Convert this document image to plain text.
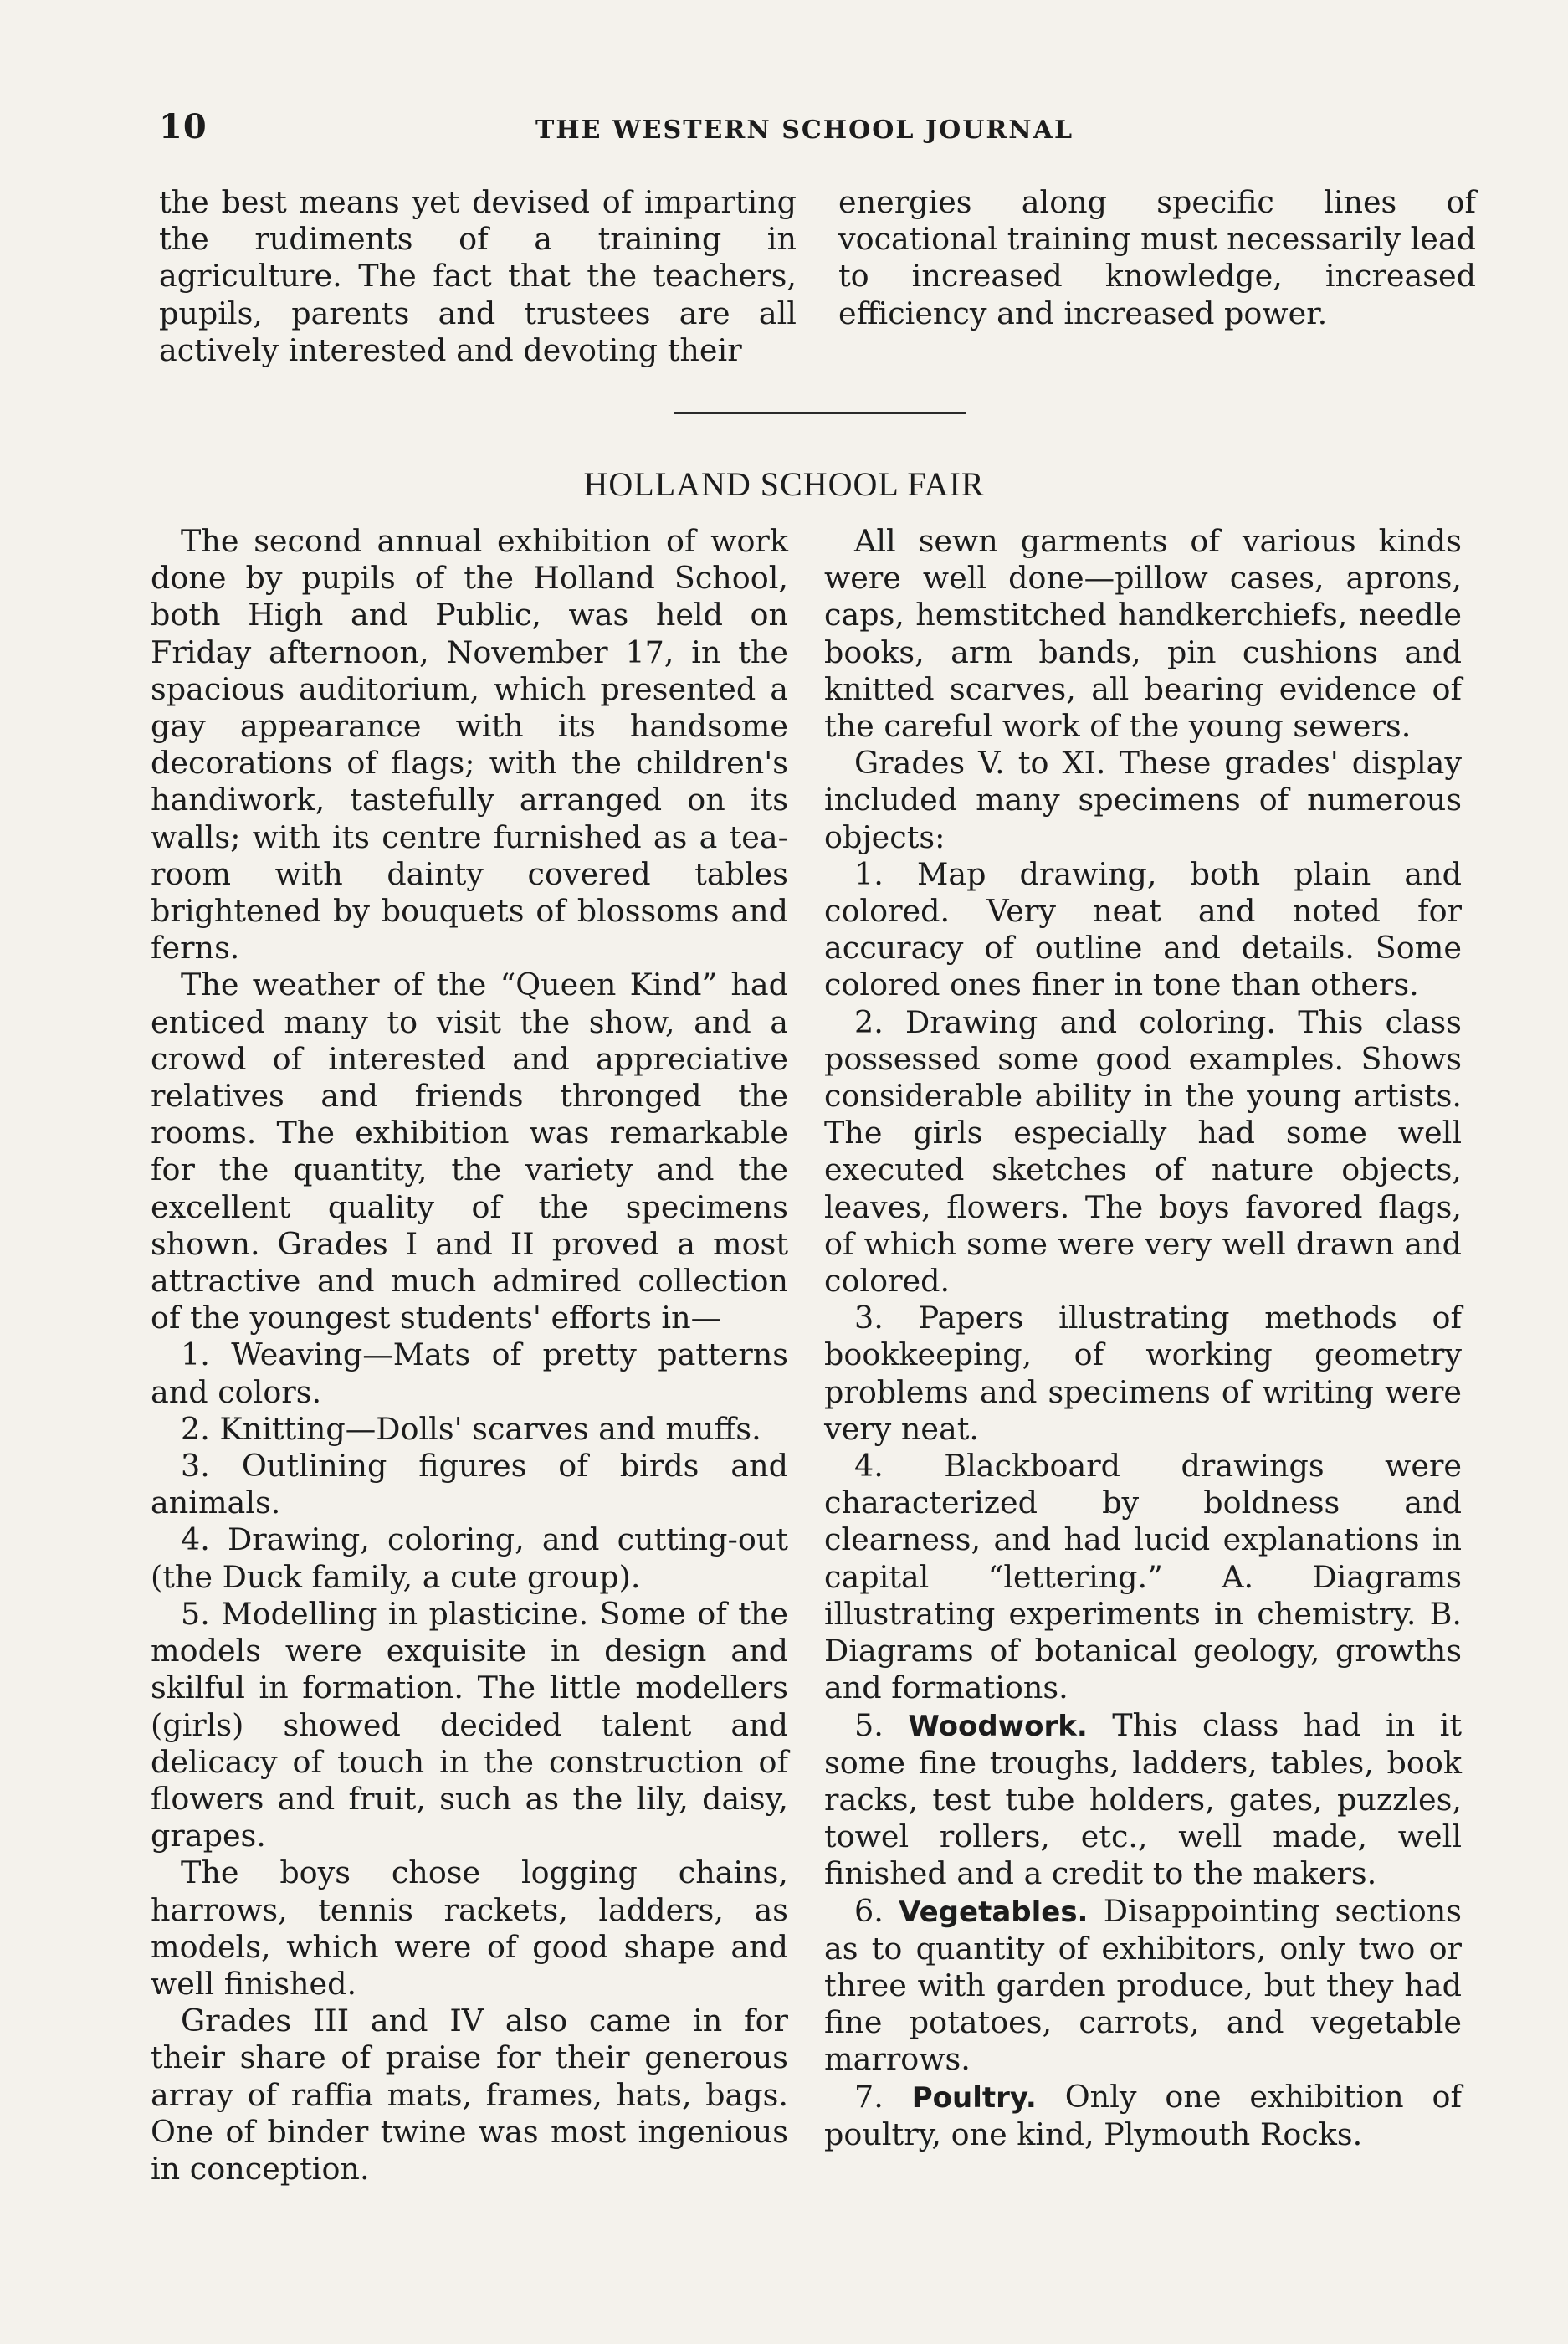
10	THE WESTERN SCHOOL JOURNAL

the best means yet devised of imparting the rudiments of a training in agriculture. The fact that the teachers, pupils, parents and trustees are all actively interested and devoting their

energies along specific lines of vocational training must necessarily lead to increased knowledge, increased efficiency and increased power.

HOLLAND SCHOOL FAIR

The second annual exhibition of work done by pupils of the Holland School, both High and Public, was held on Friday afternoon, November 17, in the spacious auditorium, which presented a gay appearance with its handsome decorations of flags; with the children's handiwork, tastefully arranged on its walls; with its centre furnished as a tea-room with dainty covered tables brightened by bouquets of blossoms and ferns.

The weather of the “Queen Kind” had enticed many to visit the show, and a crowd of interested and appreciative relatives and friends thronged the rooms. The exhibition was remarkable for the quantity, the variety and the excellent quality of the specimens shown. Grades I and II proved a most attractive and much admired collection of the youngest students' efforts in—

1. Weaving—Mats of pretty patterns and colors.

2. Knitting—Dolls' scarves and muffs.

3. Outlining figures of birds and animals.

4. Drawing, coloring, and cutting-out (the Duck family, a cute group).

5. Modelling in plasticine. Some of the models were exquisite in design and skilful in formation. The little modellers (girls) showed decided talent and delicacy of touch in the construction of flowers and fruit, such as the lily, daisy, grapes.

The boys chose logging chains, harrows, tennis rackets, ladders, as models, which were of good shape and well finished.

Grades III and IV also came in for their share of praise for their generous array of raffia mats, frames, hats, bags. One of binder twine was most ingenious in conception.

All sewn garments of various kinds were well done—pillow cases, aprons, caps, hemstitched handkerchiefs, needle books, arm bands, pin cushions and knitted scarves, all bearing evidence of the careful work of the young sewers.

Grades V. to XI. These grades' display included many specimens of numerous objects:

1. Map drawing, both plain and colored. Very neat and noted for accuracy of outline and details. Some colored ones finer in tone than others.

2. Drawing and coloring. This class possessed some good examples. Shows considerable ability in the young artists. The girls especially had some well executed sketches of nature objects, leaves, flowers. The boys favored flags, of which some were very well drawn and colored.

3. Papers illustrating methods of bookkeeping, of working geometry problems and specimens of writing were very neat.

4. Blackboard drawings were characterized by boldness and clearness, and had lucid explanations in capital “lettering.” A. Diagrams illustrating experiments in chemistry. B. Diagrams of botanical geology, growths and formations.

5. Woodwork. This class had in it some fine troughs, ladders, tables, book racks, test tube holders, gates, puzzles, towel rollers, etc., well made, well finished and a credit to the makers.

6. Vegetables. Disappointing sections as to quantity of exhibitors, only two or three with garden produce, but they had fine potatoes, carrots, and vegetable marrows.

7. Poultry. Only one exhibition of poultry, one kind, Plymouth Rocks.
